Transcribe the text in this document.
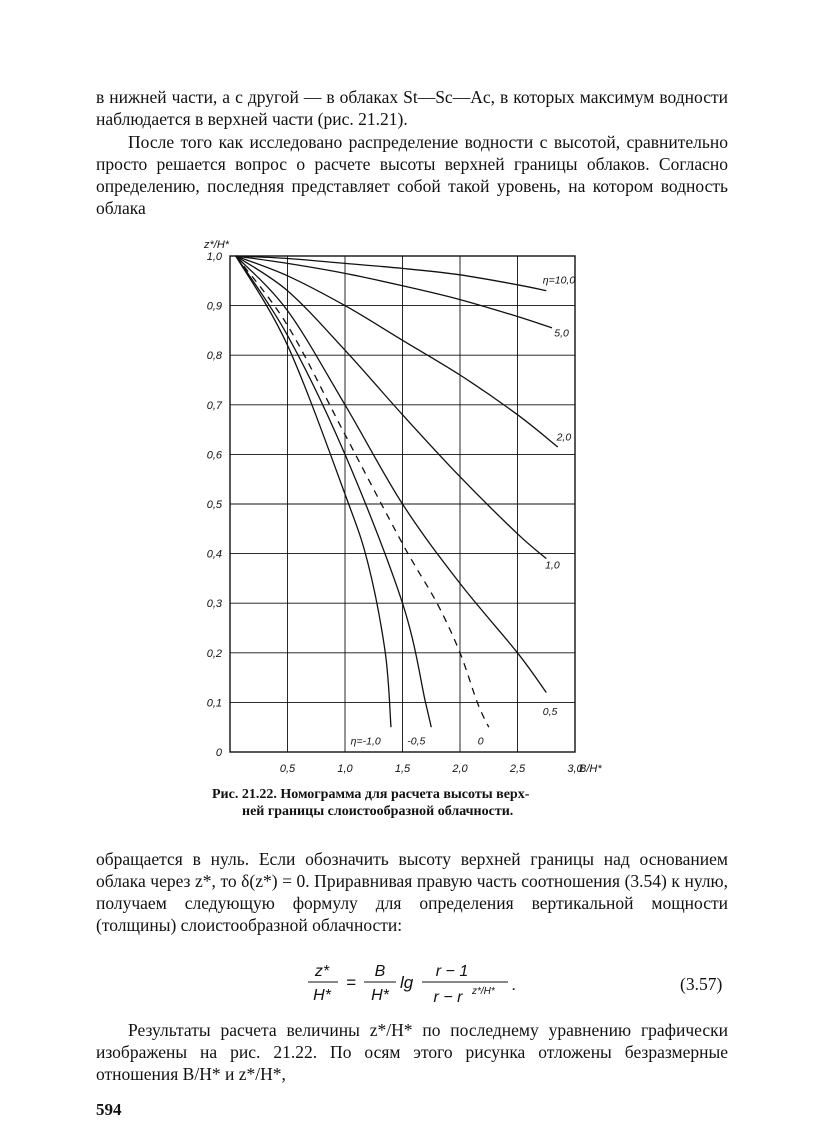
в нижней части, а с другой — в облаках St—Sc—Ac, в которых максимум водности наблюдается в верхней части (рис. 21.21).

После того как исследовано распределение водности с высотой, сравнительно просто решается вопрос о расчете высоты верхней границы облаков. Согласно определению, последняя представляет собой такой уровень, на котором водность облака

0,5	1,0	1,5	2,0	2,5	3,0
0
0,1
0,2
0,3
0,4
0,5
0,6
0,7
0,8
0,9
1,0
z*/H*
B/H*
η=10,0
5,0
2,0
1,0
0,5
0
-0,5
η=-1,0
Рис. 21.22. Номограмма для расчета высоты верх-
ней границы слоистообразной облачности.

обращается в нуль. Если обозначить высоту верхней границы над основанием облака через z*, то δ(z*) = 0. Приравнивая правую часть соотношения (3.54) к нулю, получаем следующую формулу для определения вертикальной мощности (толщины) слоистообразной облачности:

z*
H*
=
B
H*
lg
r − 1
r − r z*/H* .	(3.57)

Результаты расчета величины z*/H* по последнему уравнению графически изображены на рис. 21.22. По осям этого рисунка отложены безразмерные отношения B/H* и z*/H*,

594
